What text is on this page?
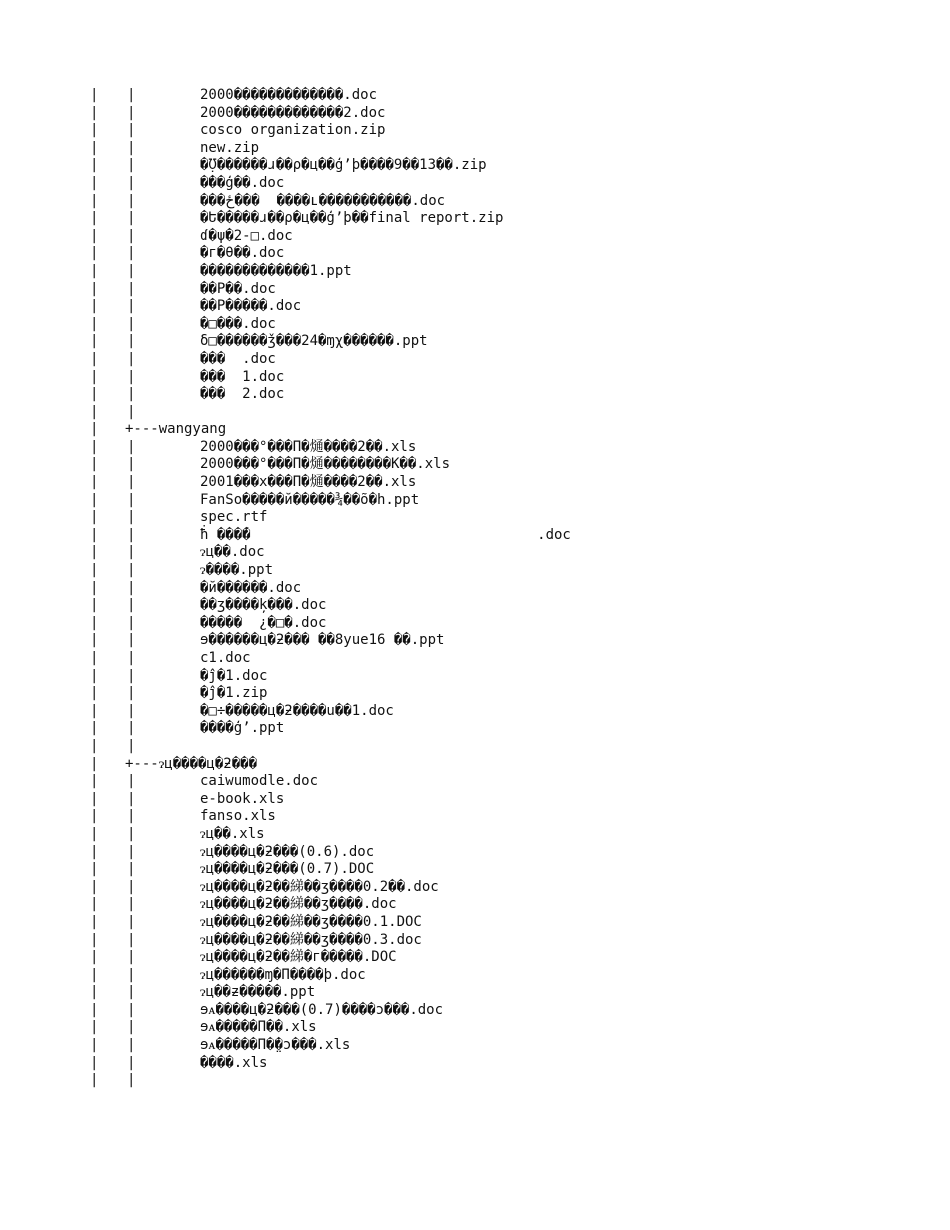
| |	2000�������������.doc
| |	2000�������������2.doc
| |	cosco organization.zip
| |	new.zip
| |	�̣Ʊ������ɹ��ρ�ц��ģʼþ����9��13��.zip
| |	�̇��ģ��.doc
| |	���ځ���  ����ʟ�����������.doc
| |	�Ե�����ɹ��ρ�ц��ģʼþ��final report.zip
| |	ɗ�ψ�2-□.doc
| |	�г�θ��.doc
| |	�������������1.ppt
| |	��Р��.doc
| |	��Р�����.doc
| |	�□���.doc
| |	ẟ□������ǯ���24�ɱχ������.ppt
| |	���  .doc
| |	���  1.doc
| |	���  2.doc
| |
| +---wangyang
| |	2000���°���Π�熥����2��.xls
| |	2000���°���Π�熥��������Κ��.xls
| |	2001���х���Π�熥����2��.xls
| |	FanSo�����й�����¾��õ�h.ppt
| |	spec.rtf
| |	ħ̇ ���́�                                  .doc
| |	ɂц��.doc
| |	ɂ����.ppt
| |	�й������.doc
| |	��ʒ����ķ���.doc
| |	�����  ¿�□�.doc
| |	ɘ������ц�ƻ��� ��8yue16 ��.ppt
| |	с1.doc
| |	�ĵ�1.doc
| |	�ĵ�1.zip
| |	�□÷�����ц�ƻ����u��1.doc
| |	����ģʼ.ppt
| |
| +---ɂц����ц�ƻ���
| |	caiwumodle.doc
| |	e-book.xls
| |	fanso.xls
| |	ɂц��.xls
| |	ɂц����ц�ƻ���(0.6).doc
| |	ɂц����ц�ƻ���(0.7).DOC
| |	ɂц����ц�ƻ��綈��ʒ����0.2��.doc
| |	ɂц����ц�ƻ��綈��ʒ����.doc
| |	ɂц����ц�ƻ��綈��ʒ����0.1.DOC
| |	ɂц����ц�ƻ��綈��ʒ����0.3.doc
| |	ɂц����ц�ƻ��綈�г�����.DOC
| |	ɂц������ɱ�Π����þ.doc
| |	ɂц��ƶ�����.ppt
| |	ɘᴀ����ц�ƻ���(0.7)����ɔ���.doc
| |	ɘᴀ�����Π��.xls
| |	ɘᴀ�����Π�̤̇�ɔ���.xls
| |	����.xls
| |
